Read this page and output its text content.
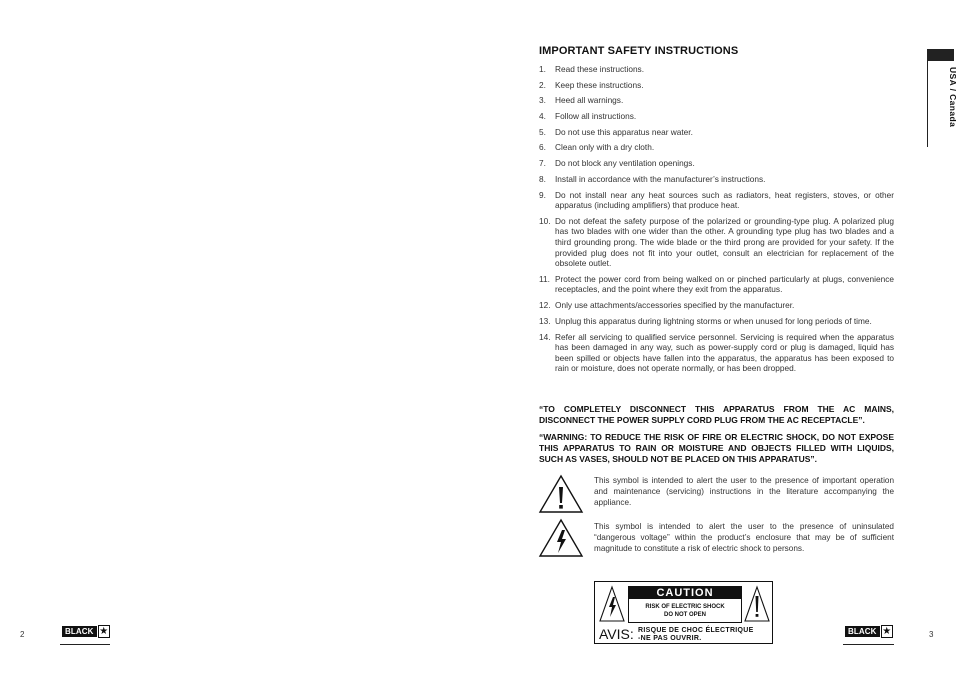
IMPORTANT SAFETY INSTRUCTIONS
1.	Read these instructions.
2.	Keep these instructions.
3.	Heed all warnings.
4.	Follow all instructions.
5.	Do not use this apparatus near water.
6.	Clean only with a dry cloth.
7.	Do not block any ventilation openings.
8.	Install in accordance with the manufacturer’s instructions.
9.	Do not install near any heat sources such as radiators, heat registers, stoves, or other apparatus (including amplifiers) that produce heat.
10. Do not defeat the safety purpose of the polarized or grounding-type plug. A polarized plug has two blades with one wider than the other. A grounding type plug has two blades and a third grounding prong. The wide blade or the third prong are provided for your safety. If the provided plug does not fit into your outlet, consult an electrician for replacement of the obsolete outlet.
11. Protect the power cord from being walked on or pinched particularly at plugs, convenience receptacles, and the point where they exit from the apparatus.
12. Only use attachments/accessories specified by the manufacturer.
13. Unplug this apparatus during lightning storms or when unused for long periods of time.
14. Refer all servicing to qualified service personnel. Servicing is required when the apparatus has been damaged in any way, such as power-supply cord or plug is damaged, liquid has been spilled or objects have fallen into the apparatus, the apparatus has been exposed to rain or moisture, does not operate normally, or has been dropped.
“TO COMPLETELY DISCONNECT THIS APPARATUS FROM THE AC MAINS, DISCONNECT THE POWER SUPPLY CORD PLUG FROM THE AC RECEPTACLE”.
“WARNING: TO REDUCE THE RISK OF FIRE OR ELECTRIC SHOCK, DO NOT EXPOSE THIS APPARATUS TO RAIN OR MOISTURE AND OBJECTS FILLED WITH LIQUIDS, SUCH AS VASES, SHOULD NOT BE PLACED ON THIS APPARATUS”.
This symbol is intended to alert the user to the presence of important operation and maintenance (servicing) instructions in the literature accompanying the appliance.
This symbol is intended to alert the user to the presence of uninsulated “dangerous voltage” within the product’s enclosure that may be of sufficient magnitude to constitute a risk of electric shock to persons.
CAUTION
RISK OF ELECTRIC SHOCK
DO NOT OPEN
AVIS: RISQUE DE CHOC ÉLECTRIQUE
-NE PAS OUVRIR.
USA / Canada
2	BLACK ★	BLACK ★	3
